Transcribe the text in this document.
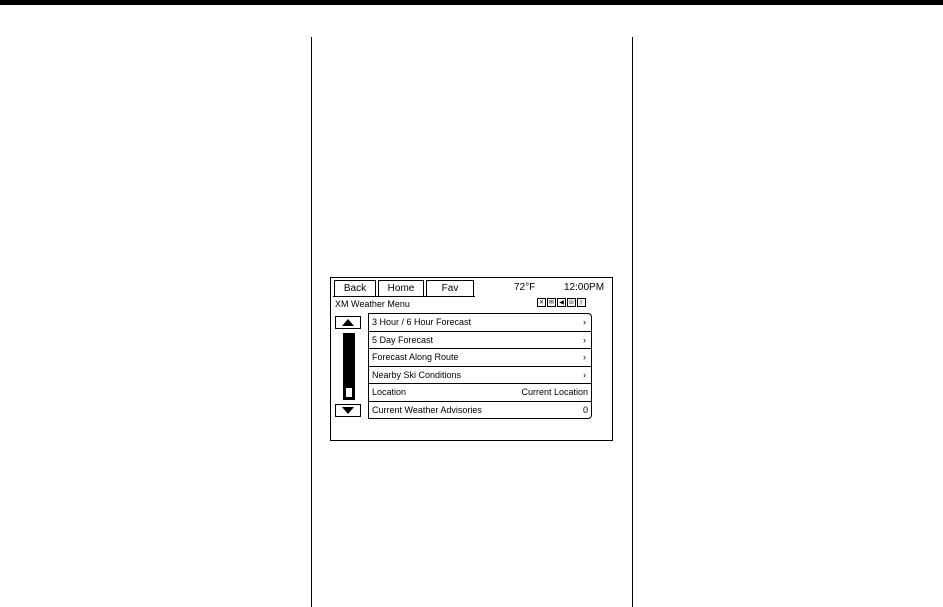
Back	Home	Fav	72°F	12:00PM
XM Weather Menu	✕ ✉ ◀ ☏ ᛒ
3 Hour / 6 Hour Forecast	›
5 Day Forecast	›
Forecast Along Route	›
Nearby Ski Conditions	›
Location	Current Location
Current Weather Advisories	0
